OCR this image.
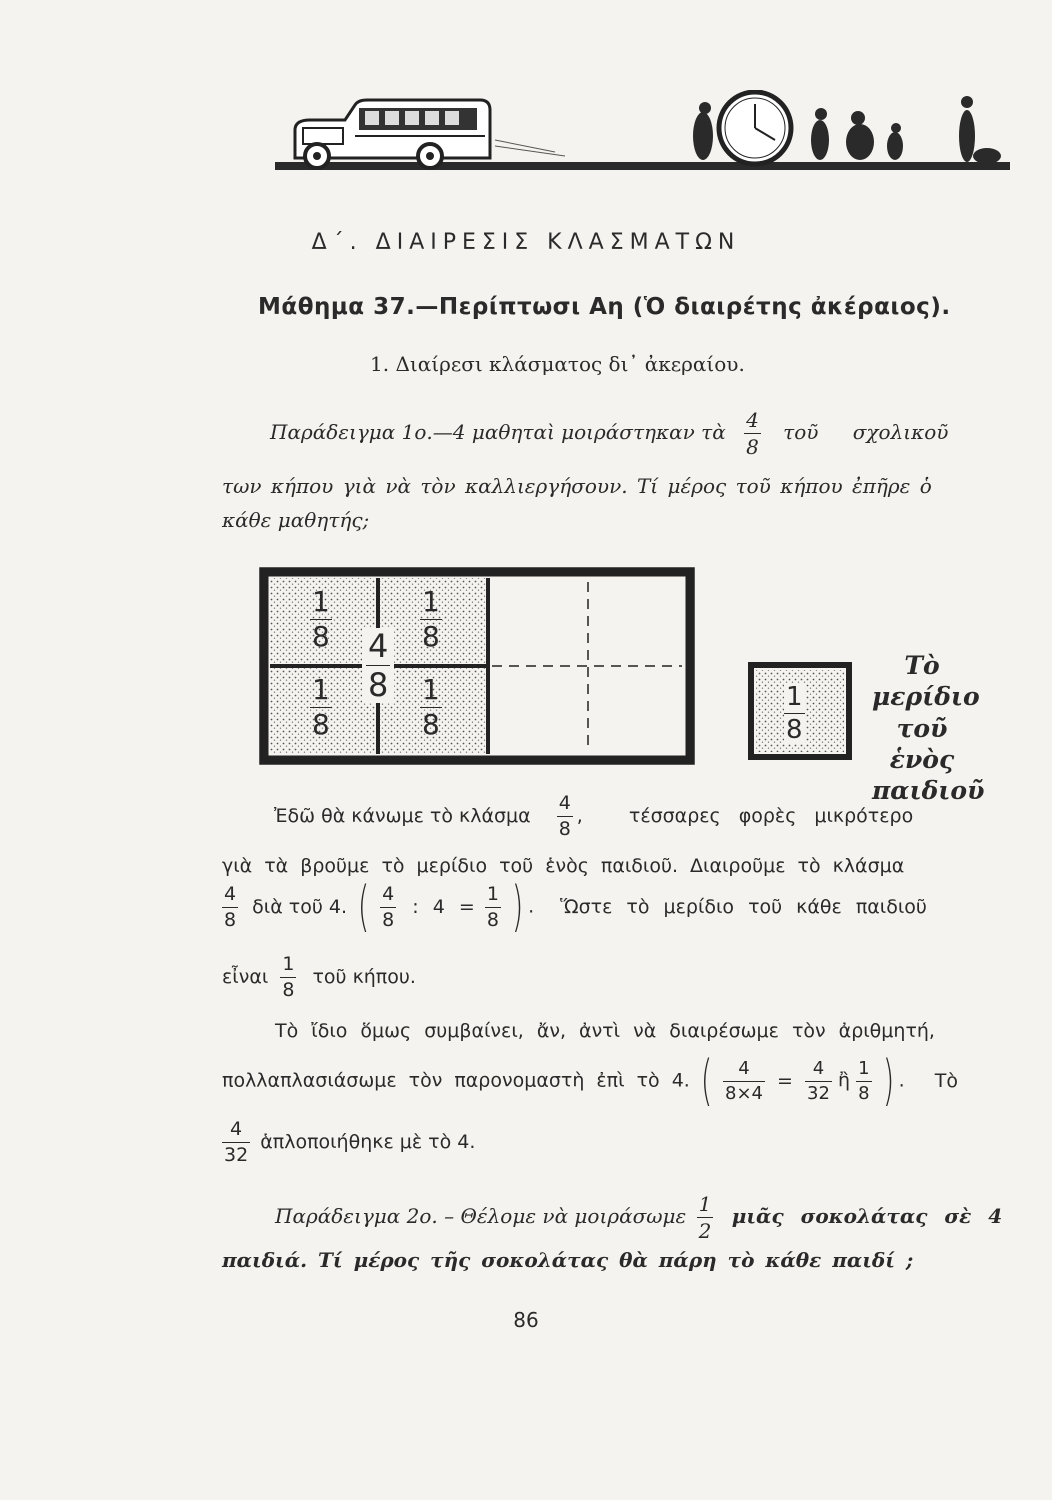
Δ΄. ΔΙΑΙΡΕΣΙΣ ΚΛΑΣΜΑΤΩΝ
Μάθημα 37.—Περίπτωσι Αη (Ὁ διαιρέτης ἀκέραιος).
1. Διαίρεσι κλάσματος δι᾿ ἀκεραίου.
Παράδειγμα 1ο.—4 μαθηταὶ μοιράστηκαν τὰ $\frac{4}{8}$ τοῦ σχολικοῦ
των κήπου γιὰ νὰ τὸν καλλιεργήσουν. Τί μέρος τοῦ κήπου ἐπῆρε ὁ
κάθε μαθητής;
$\frac{1}{8}$	$\frac{1}{8}$
$\frac{1}{8}$	$\frac{1}{8}$
$\frac{4}{8}$
$\frac{1}{8}$
Τὸ μερίδιο
τοῦ ἑνὸς
παιδιοῦ
Ἐδῶ θὰ κάνωμε τὸ κλάσμα $\frac{4}{8}$ , τέσσαρες φορὲς μικρότερο
γιὰ τὰ βροῦμε τὸ μερίδιο τοῦ ἑνὸς παιδιοῦ. Διαιροῦμε τὸ κλάσμα
$\frac{4}{8}$ διὰ τοῦ 4. ( $\frac{4}{8}$ : $4 = \frac{1}{8}$ ) . Ὥστε τὸ μερίδιο τοῦ κάθε παιδιοῦ
εἶναι $\frac{1}{8}$ τοῦ κήπου.
Τὸ ἴδιο ὅμως συμβαίνει, ἄν, ἀντὶ νὰ διαιρέσωμε τὸν ἀριθμητή,
πολλαπλασιάσωμε τὸν παρονομαστὴ ἐπὶ τὸ 4. ( $\frac{4}{8\times 4} = \frac{4}{32}$ ἢ $\frac{1}{8}$ ) . Τὸ
$\frac{4}{32}$ ἁπλοποιήθηκε μὲ τὸ 4.
Παράδειγμα 2ο. – Θέλομε νὰ μοιράσωμε $\frac{1}{2}$ μιᾶς σοκολάτας σὲ 4
παιδιά. Τί μέρος τῆς σοκολάτας θὰ πάρη τὸ κάθε παιδί ;
86
